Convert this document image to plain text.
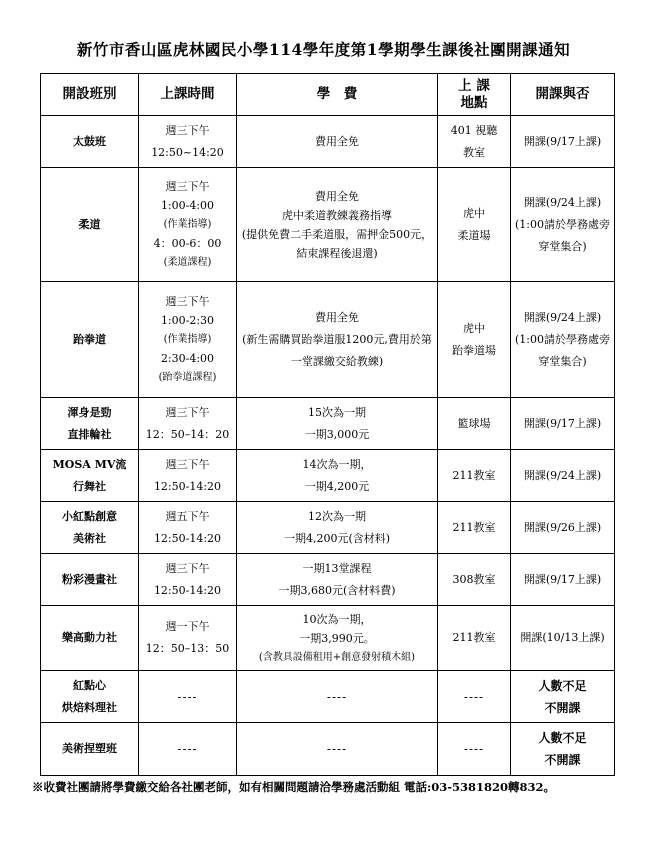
新竹市香山區虎林國民小學114學年度第1學期學生課後社團開課通知
開設班別	上課時間	學　費	上 課
地點	開課與否

太鼓班	週三下午
12:50~14:20	費用全免	401 視聽
教室	開課(9/17上課)

柔道	週三下午
1:00-4:00
(作業指導)
4：00-6：00
(柔道課程)	費用全免
虎中柔道教練義務指導
(提供免費二手柔道服，需押金500元，結束課程後退還)	虎中
柔道場	開課(9/24上課)
(1:00請於學務處旁穿堂集合)

跆拳道	週三下午
1:00-2:30
(作業指導)
2:30-4:00
(跆拳道課程)	費用全免
(新生需購買跆拳道服1200元,費用於第一堂課繳交給教練)	虎中
跆拳道場	開課(9/24上課)
(1:00請於學務處旁穿堂集合)

渾身是勁
直排輪社	週三下午
12：50–14：20	15次為一期
一期3,000元	籃球場	開課(9/17上課)

MOSA MV流
行舞社	週三下午
12:50-14:20	14次為一期，
一期4,200元	211教室	開課(9/24上課)

小紅點創意
美術社	週五下午
12:50-14:20	12次為一期
一期4,200元(含材料)	211教室	開課(9/26上課)

粉彩漫畫社	週三下午
12:50-14:20	一期13堂課程
一期3,680元(含材料費)	308教室	開課(9/17上課)

樂高動力社	週一下午
12：50–13：50	10次為一期，
一期3,990元。
(含教具設備租用+創意發射積木組)	211教室	開課(10/13上課)

紅點心
烘焙料理社	----	----	----	人數不足
不開課

美術捏塑班	----	----	----	人數不足
不開課
※收費社團請將學費繳交給各社團老師，如有相關問題請洽學務處活動組 電話:03-5381820轉832。
